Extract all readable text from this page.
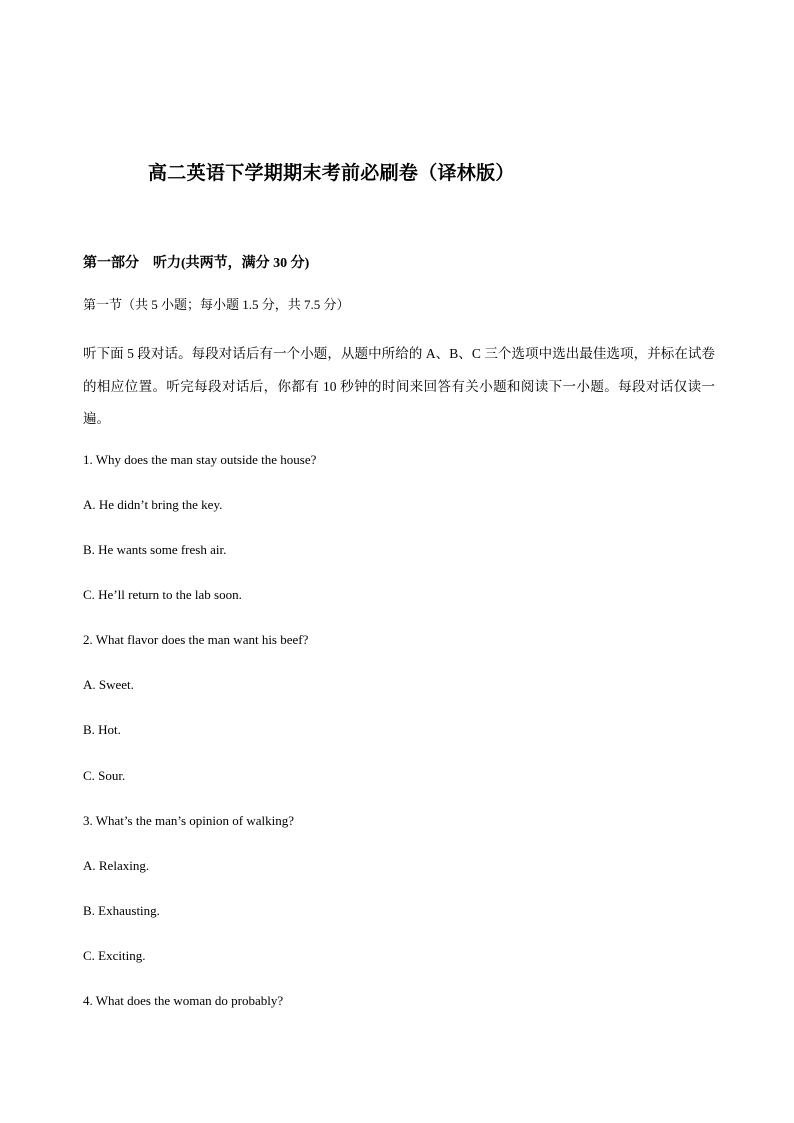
高二英语下学期期末考前必刷卷（译林版）
第一部分　听力(共两节，满分 30 分)
第一节（共 5 小题；每小题 1.5 分，共 7.5 分）
听下面 5 段对话。每段对话后有一个小题，从题中所给的 A、B、C 三个选项中选出最佳选项，并标在试卷的相应位置。听完每段对话后，你都有 10 秒钟的时间来回答有关小题和阅读下一小题。每段对话仅读一遍。
1. Why does the man stay outside the house?
A. He didn’t bring the key.
B. He wants some fresh air.
C. He’ll return to the lab soon.
2. What flavor does the man want his beef?
A. Sweet.
B. Hot.
C. Sour.
3. What’s the man’s opinion of walking?
A. Relaxing.
B. Exhausting.
C. Exciting.
4. What does the woman do probably?
